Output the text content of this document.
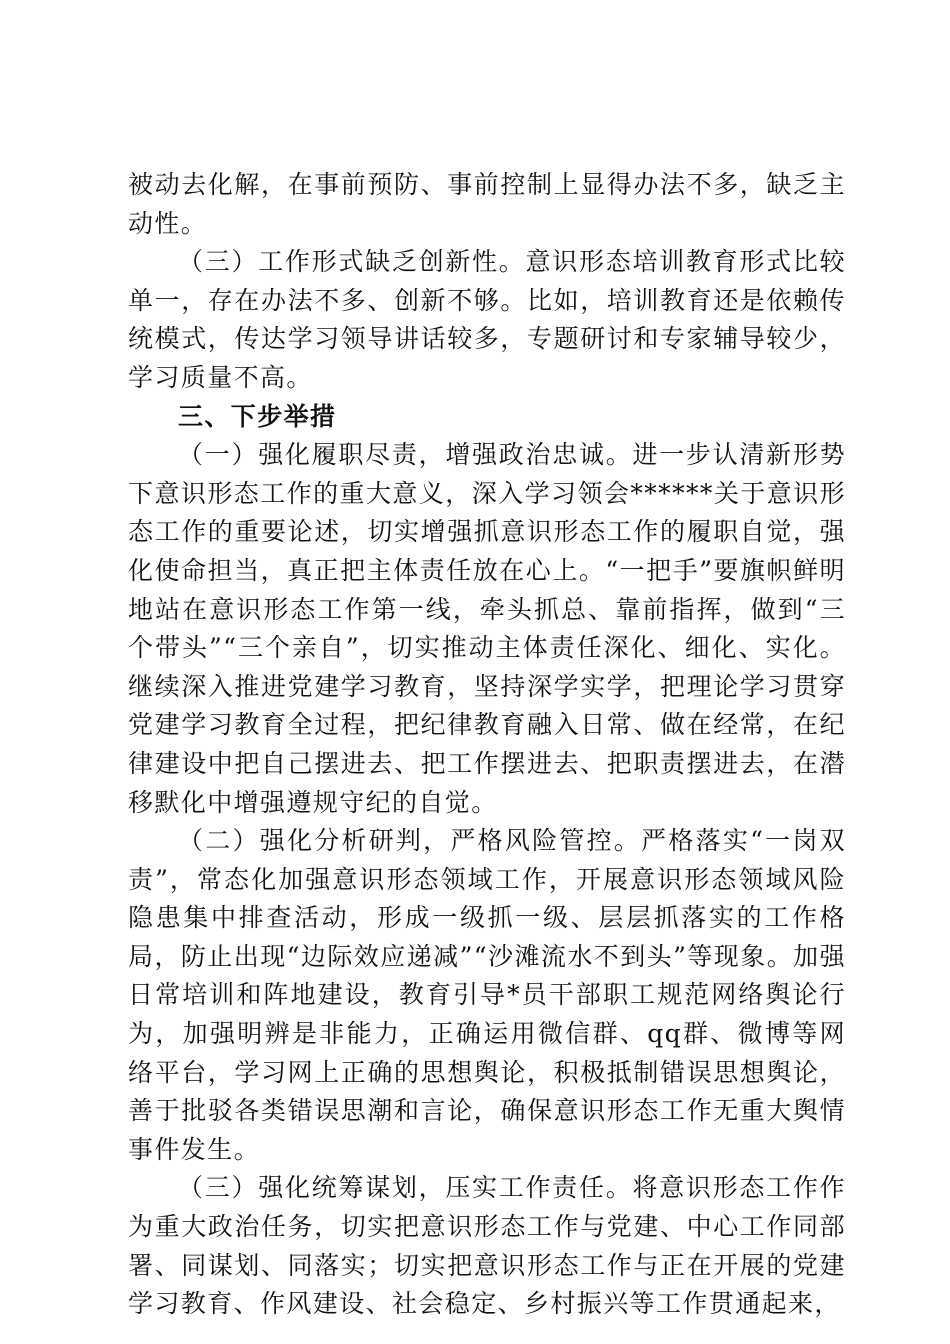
被动去化解，在事前预防、事前控制上显得办法不多，缺乏主动性。

（三）工作形式缺乏创新性。意识形态培训教育形式比较单一，存在办法不多、创新不够。比如，培训教育还是依赖传统模式，传达学习领导讲话较多，专题研讨和专家辅导较少，学习质量不高。

三、下步举措

（一）强化履职尽责，增强政治忠诚。进一步认清新形势下意识形态工作的重大意义，深入学习领会******关于意识形态工作的重要论述，切实增强抓意识形态工作的履职自觉，强化使命担当，真正把主体责任放在心上。“一把手”要旗帜鲜明地站在意识形态工作第一线，牵头抓总、靠前指挥，做到“三个带头”“三个亲自”，切实推动主体责任深化、细化、实化。继续深入推进党建学习教育，坚持深学实学，把理论学习贯穿党建学习教育全过程，把纪律教育融入日常、做在经常，在纪律建设中把自己摆进去、把工作摆进去、把职责摆进去，在潜移默化中增强遵规守纪的自觉。

（二）强化分析研判，严格风险管控。严格落实“一岗双责”，常态化加强意识形态领域工作，开展意识形态领域风险隐患集中排查活动，形成一级抓一级、层层抓落实的工作格局，防止出现“边际效应递减”“沙滩流水不到头”等现象。加强日常培训和阵地建设，教育引导*员干部职工规范网络舆论行为，加强明辨是非能力，正确运用微信群、qq群、微博等网络平台，学习网上正确的思想舆论，积极抵制错误思想舆论，善于批驳各类错误思潮和言论，确保意识形态工作无重大舆情事件发生。

（三）强化统筹谋划，压实工作责任。将意识形态工作作为重大政治任务，切实把意识形态工作与党建、中心工作同部署、同谋划、同落实；切实把意识形态工作与正在开展的党建学习教育、作风建设、社会稳定、乡村振兴等工作贯通起来，
